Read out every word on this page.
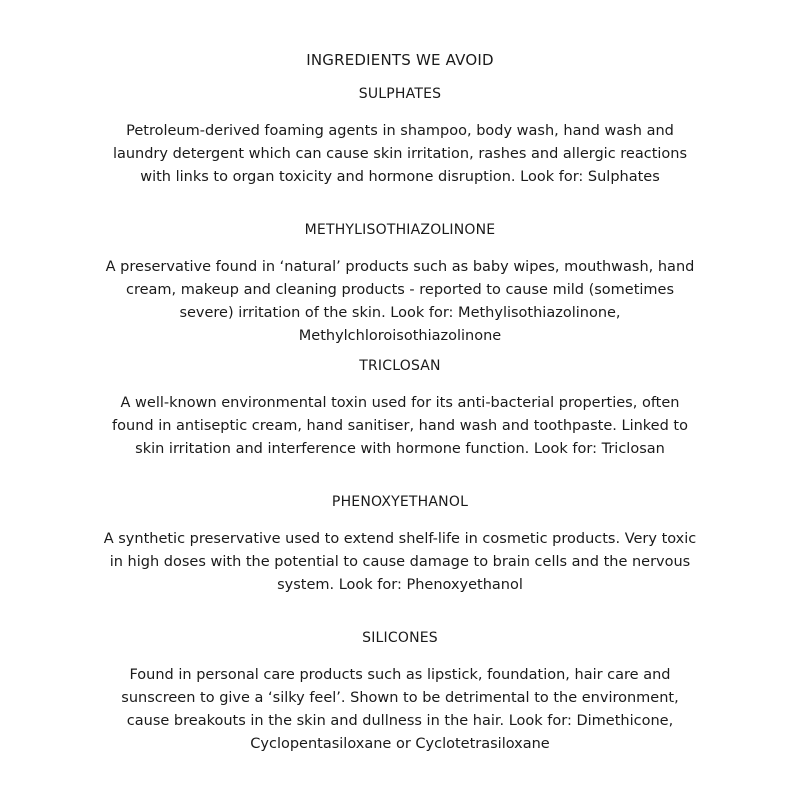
INGREDIENTS WE AVOID
SULPHATES

Petroleum-derived foaming agents in shampoo, body wash, hand wash and laundry detergent which can cause skin irritation, rashes and allergic reactions with links to organ toxicity and hormone disruption. Look for: Sulphates

METHYLISOTHIAZOLINONE

A preservative found in ‘natural’ products such as baby wipes, mouthwash, hand cream, makeup and cleaning products - reported to cause mild (sometimes severe) irritation of the skin. Look for: Methylisothiazolinone, Methylchloroisothiazolinone

TRICLOSAN

A well-known environmental toxin used for its anti-bacterial properties, often found in antiseptic cream, hand sanitiser, hand wash and toothpaste. Linked to skin irritation and interference with hormone function. Look for: Triclosan

PHENOXYETHANOL

A synthetic preservative used to extend shelf-life in cosmetic products. Very toxic in high doses with the potential to cause damage to brain cells and the nervous system. Look for: Phenoxyethanol

SILICONES

Found in personal care products such as lipstick, foundation, hair care and sunscreen to give a ‘silky feel’. Shown to be detrimental to the environment, cause breakouts in the skin and dullness in the hair. Look for: Dimethicone, Cyclopentasiloxane or Cyclotetrasiloxane
